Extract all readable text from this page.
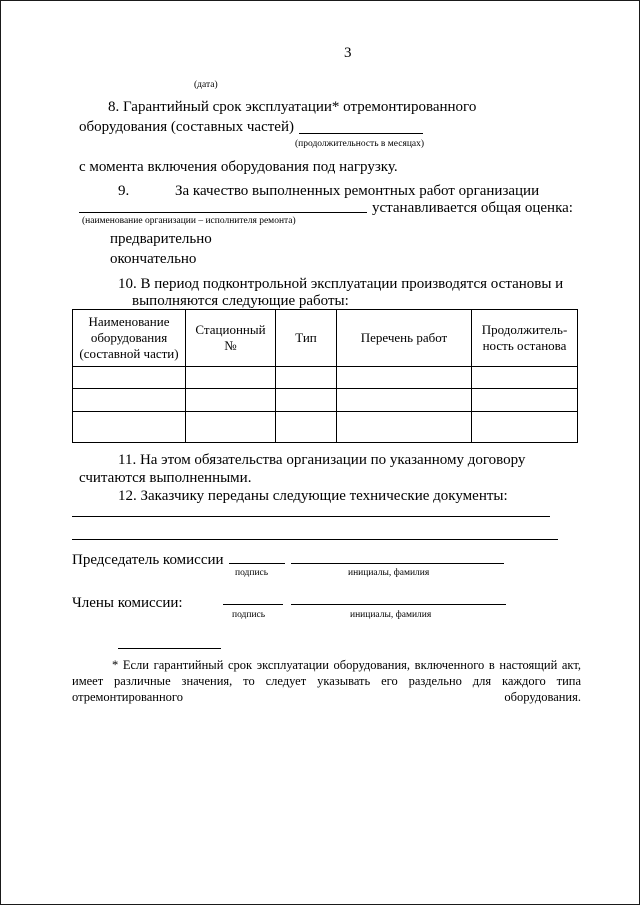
3
(дата)
8. Гарантийный срок эксплуатации* отремонтированного
оборудования (составных частей)
(продолжительность в месяцах)
с момента включения оборудования под нагрузку.
9.	За качество выполненных ремонтных работ организации
устанавливается общая оценка:
(наименование организации – исполнителя ремонта)
предварительно
окончательно
10. В период подконтрольной эксплуатации производятся остановы и
выполняются следующие работы:
Наименование оборудования (составной части)	Стационный №	Тип	Перечень работ	Продолжитель-ность останова

11. На этом обязательства организации по указанному договору
считаются выполненными.
12. Заказчику переданы следующие технические документы:
Председатель комиссии
подпись	инициалы, фамилия
Члены комиссии:
подпись	инициалы, фамилия
* Если гарантийный срок эксплуатации оборудования, включенного в настоящий акт, имеет различные значения, то следует указывать его раздельно для каждого типа отремонтированного оборудования.
